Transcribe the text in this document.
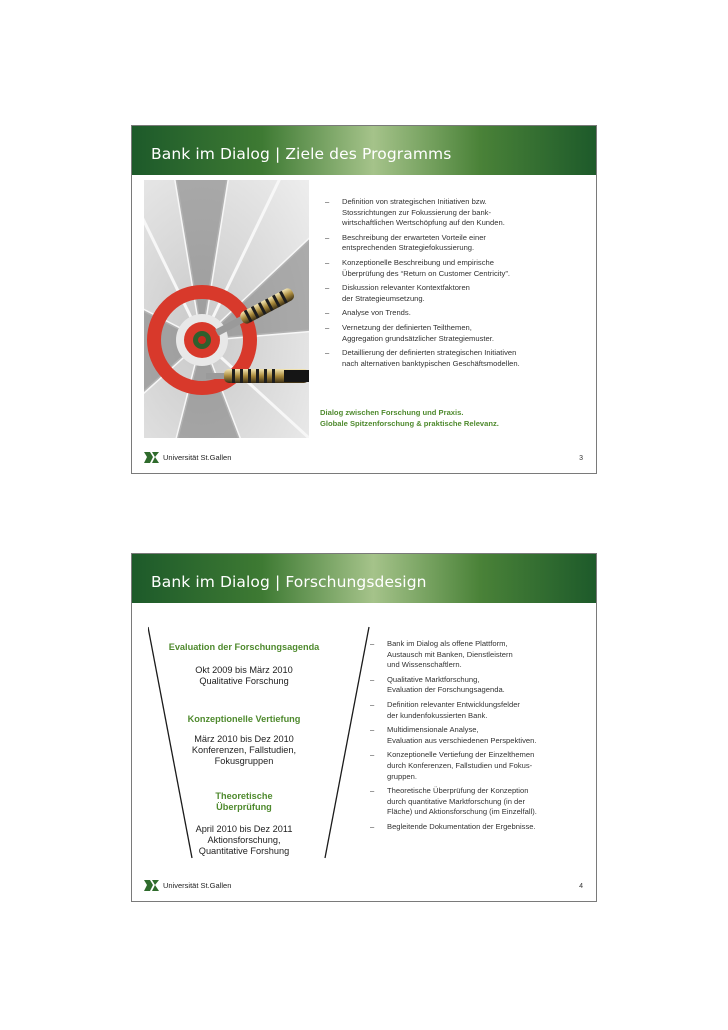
Bank im Dialog | Ziele des Programms
– Definition von strategischen Initiativen bzw.
Stossrichtungen zur Fokussierung der bank-
wirtschaftlichen Wertschöpfung auf den Kunden.
– Beschreibung der erwarteten Vorteile einer
entsprechenden Strategiefokussierung.
– Konzeptionelle Beschreibung und empirische
Überprüfung des “Return on Customer Centricity”.
– Diskussion relevanter Kontextfaktoren
der Strategieumsetzung.
– Analyse von Trends.
– Vernetzung der definierten Teilthemen,
Aggregation grundsätzlicher Strategiemuster.
– Detaillierung der definierten strategischen Initiativen
nach alternativen banktypischen Geschäftsmodellen.
Dialog zwischen Forschung und Praxis.
Globale Spitzenforschung & praktische Relevanz.
Universität St.Gallen	3
Bank im Dialog | Forschungsdesign
Evaluation der Forschungsagenda
Okt 2009 bis März 2010
Qualitative Forschung
Konzeptionelle Vertiefung
März 2010 bis Dez 2010
Konferenzen, Fallstudien,
Fokusgruppen
Theoretische
Überprüfung
April 2010 bis Dez 2011
Aktionsforschung,
Quantitative Forshung
– Bank im Dialog als offene Plattform,
Austausch mit Banken, Dienstleistern
und Wissenschaftlern.
– Qualitative Marktforschung,
Evaluation der Forschungsagenda.
– Definition relevanter Entwicklungsfelder
der kundenfokussierten Bank.
– Multidimensionale Analyse,
Evaluation aus verschiedenen Perspektiven.
– Konzeptionelle Vertiefung der Einzelthemen
durch Konferenzen, Fallstudien und Fokus-
gruppen.
– Theoretische Überprüfung der Konzeption
durch quantitative Marktforschung (in der
Fläche) und Aktionsforschung (im Einzelfall).
– Begleitende Dokumentation der Ergebnisse.
Universität St.Gallen	4
